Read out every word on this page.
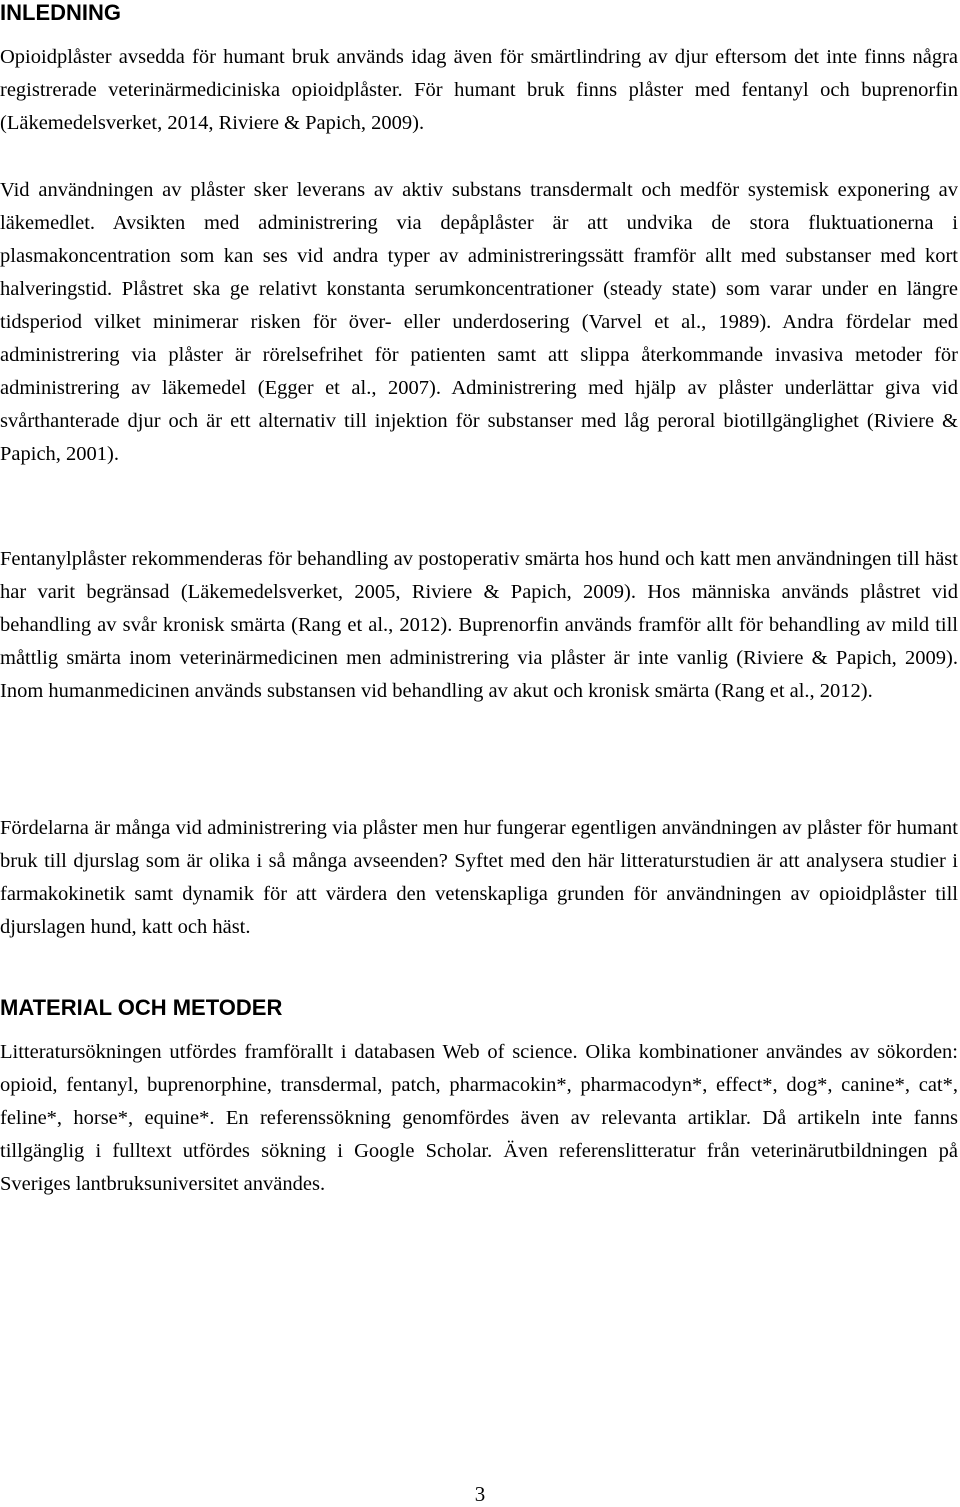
INLEDNING

Opioidplåster avsedda för humant bruk används idag även för smärtlindring av djur eftersom det inte finns några registrerade veterinärmediciniska opioidplåster. För humant bruk finns plåster med fentanyl och buprenorfin (Läkemedelsverket, 2014, Riviere & Papich, 2009).

Vid användningen av plåster sker leverans av aktiv substans transdermalt och medför systemisk exponering av läkemedlet. Avsikten med administrering via depåplåster är att undvika de stora fluktuationerna i plasmakoncentration som kan ses vid andra typer av administreringssätt framför allt med substanser med kort halveringstid. Plåstret ska ge relativt konstanta serumkoncentrationer (steady state) som varar under en längre tidsperiod vilket minimerar risken för över- eller underdosering (Varvel et al., 1989). Andra fördelar med administrering via plåster är rörelsefrihet för patienten samt att slippa återkommande invasiva metoder för administrering av läkemedel (Egger et al., 2007). Administrering med hjälp av plåster underlättar giva vid svårthanterade djur och är ett alternativ till injektion för substanser med låg peroral biotillgänglighet (Riviere & Papich, 2001).

Fentanylplåster rekommenderas för behandling av postoperativ smärta hos hund och katt men användningen till häst har varit begränsad (Läkemedelsverket, 2005, Riviere & Papich, 2009). Hos människa används plåstret vid behandling av svår kronisk smärta (Rang et al., 2012). Buprenorfin används framför allt för behandling av mild till måttlig smärta inom veterinärmedicinen men administrering via plåster är inte vanlig (Riviere & Papich, 2009). Inom humanmedicinen används substansen vid behandling av akut och kronisk smärta (Rang et al., 2012).

Fördelarna är många vid administrering via plåster men hur fungerar egentligen användningen av plåster för humant bruk till djurslag som är olika i så många avseenden? Syftet med den här litteraturstudien är att analysera studier i farmakokinetik samt dynamik för att värdera den vetenskapliga grunden för användningen av opioidplåster till djurslagen hund, katt och häst.

MATERIAL OCH METODER

Litteratursökningen utfördes framförallt i databasen Web of science. Olika kombinationer användes av sökorden: opioid, fentanyl, buprenorphine, transdermal, patch, pharmacokin*, pharmacodyn*, effect*, dog*, canine*, cat*, feline*, horse*, equine*. En referenssökning genomfördes även av relevanta artiklar. Då artikeln inte fanns tillgänglig i fulltext utfördes sökning i Google Scholar. Även referenslitteratur från veterinärutbildningen på Sveriges lantbruksuniversitet användes.

3
